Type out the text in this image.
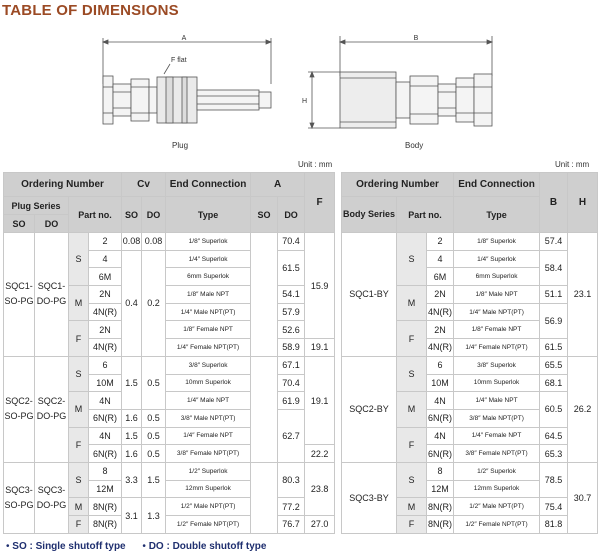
TABLE OF DIMENSIONS
A
F flat
Plug
B
H
Body
Unit : mm	Unit : mm
Ordering Number				Cv		End Connection	A		F
Plug Series		Part no.		SO	DO	Type	SO	DO	
SO	DO								
SQC1-SO-PG	SQC1-DO-PG	S	2	0.08	0.08	1/8″ Superlok		70.4	15.9
			4	0.4	0.2	1/4″ Superlok		61.5	
			6M			6mm Superlok			
		M	2N			1/8″ Male NPT		54.1	
			4N(R)			1/4″ Male NPT(PT)		57.9	
		F	2N			1/8″ Female NPT		52.6	
			4N(R)			1/4″ Female NPT(PT)		58.9	19.1
SQC2-SO-PG	SQC2-DO-PG	S	6	1.5	0.5	3/8″ Superlok		67.1	19.1
			10M			10mm Superlok		70.4	
		M	4N			1/4″ Male NPT		61.9	
			6N(R)	1.6	0.5	3/8″ Male NPT(PT)		62.7	
		F	4N	1.5	0.5	1/4″ Female NPT			
			6N(R)	1.6	0.5	3/8″ Female NPT(PT)			22.2
SQC3-SO-PG	SQC3-DO-PG	S	8	3.3	1.5	1/2″ Superlok		80.3	23.8
			12M			12mm Superlok			
		M	8N(R)	3.1	1.3	1/2″ Male NPT(PT)		77.2	
		F	8N(R)			1/2″ Female NPT(PT)		76.7	27.0
Ordering Number			End Connection	B	H
Body Series	Part no.		Type		

SQC1-BY	S	2	1/8″ Superlok	57.4	23.1
		4	1/4″ Superlok	58.4	
		6M	6mm Superlok		
	M	2N	1/8″ Male NPT	51.1	
		4N(R)	1/4″ Male NPT(PT)	56.9	
	F	2N	1/8″ Female NPT		
		4N(R)	1/4″ Female NPT(PT)	61.5	
SQC2-BY	S	6	3/8″ Superlok	65.5	26.2
		10M	10mm Superlok	68.1	
	M	4N	1/4″ Male NPT	60.5	
		6N(R)	3/8″ Male NPT(PT)		
	F	4N	1/4″ Female NPT	64.5	
		6N(R)	3/8″ Female NPT(PT)	65.3	
SQC3-BY	S	8	1/2″ Superlok	78.5	30.7
		12M	12mm Superlok		
	M	8N(R)	1/2″ Male NPT(PT)	75.4	
	F	8N(R)	1/2″ Female NPT(PT)	81.8	
• SO : Single shutoff type • DO : Double shutoff type
